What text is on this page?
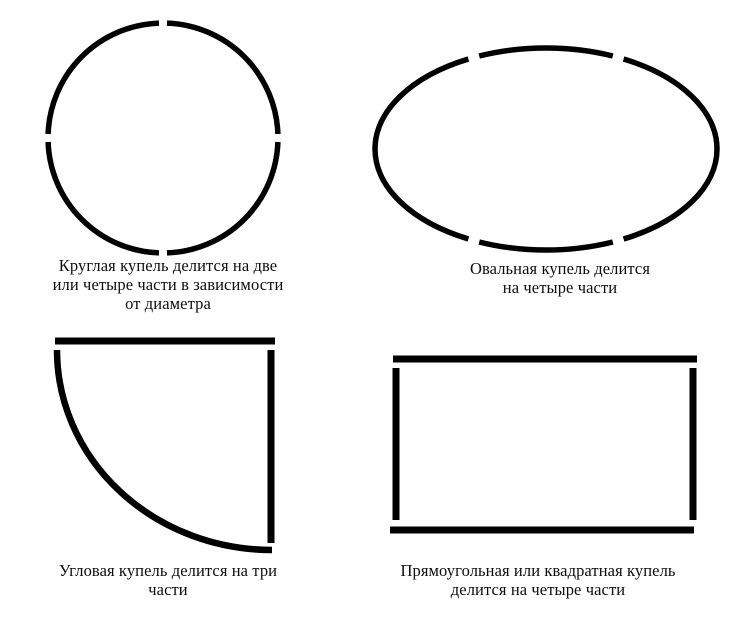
Круглая купель делится на две
или четыре части в зависимости
от диаметра
Овальная купель делится
на четыре части
Угловая купель делится на три
части
Прямоугольная или квадратная купель
делится на четыре части
